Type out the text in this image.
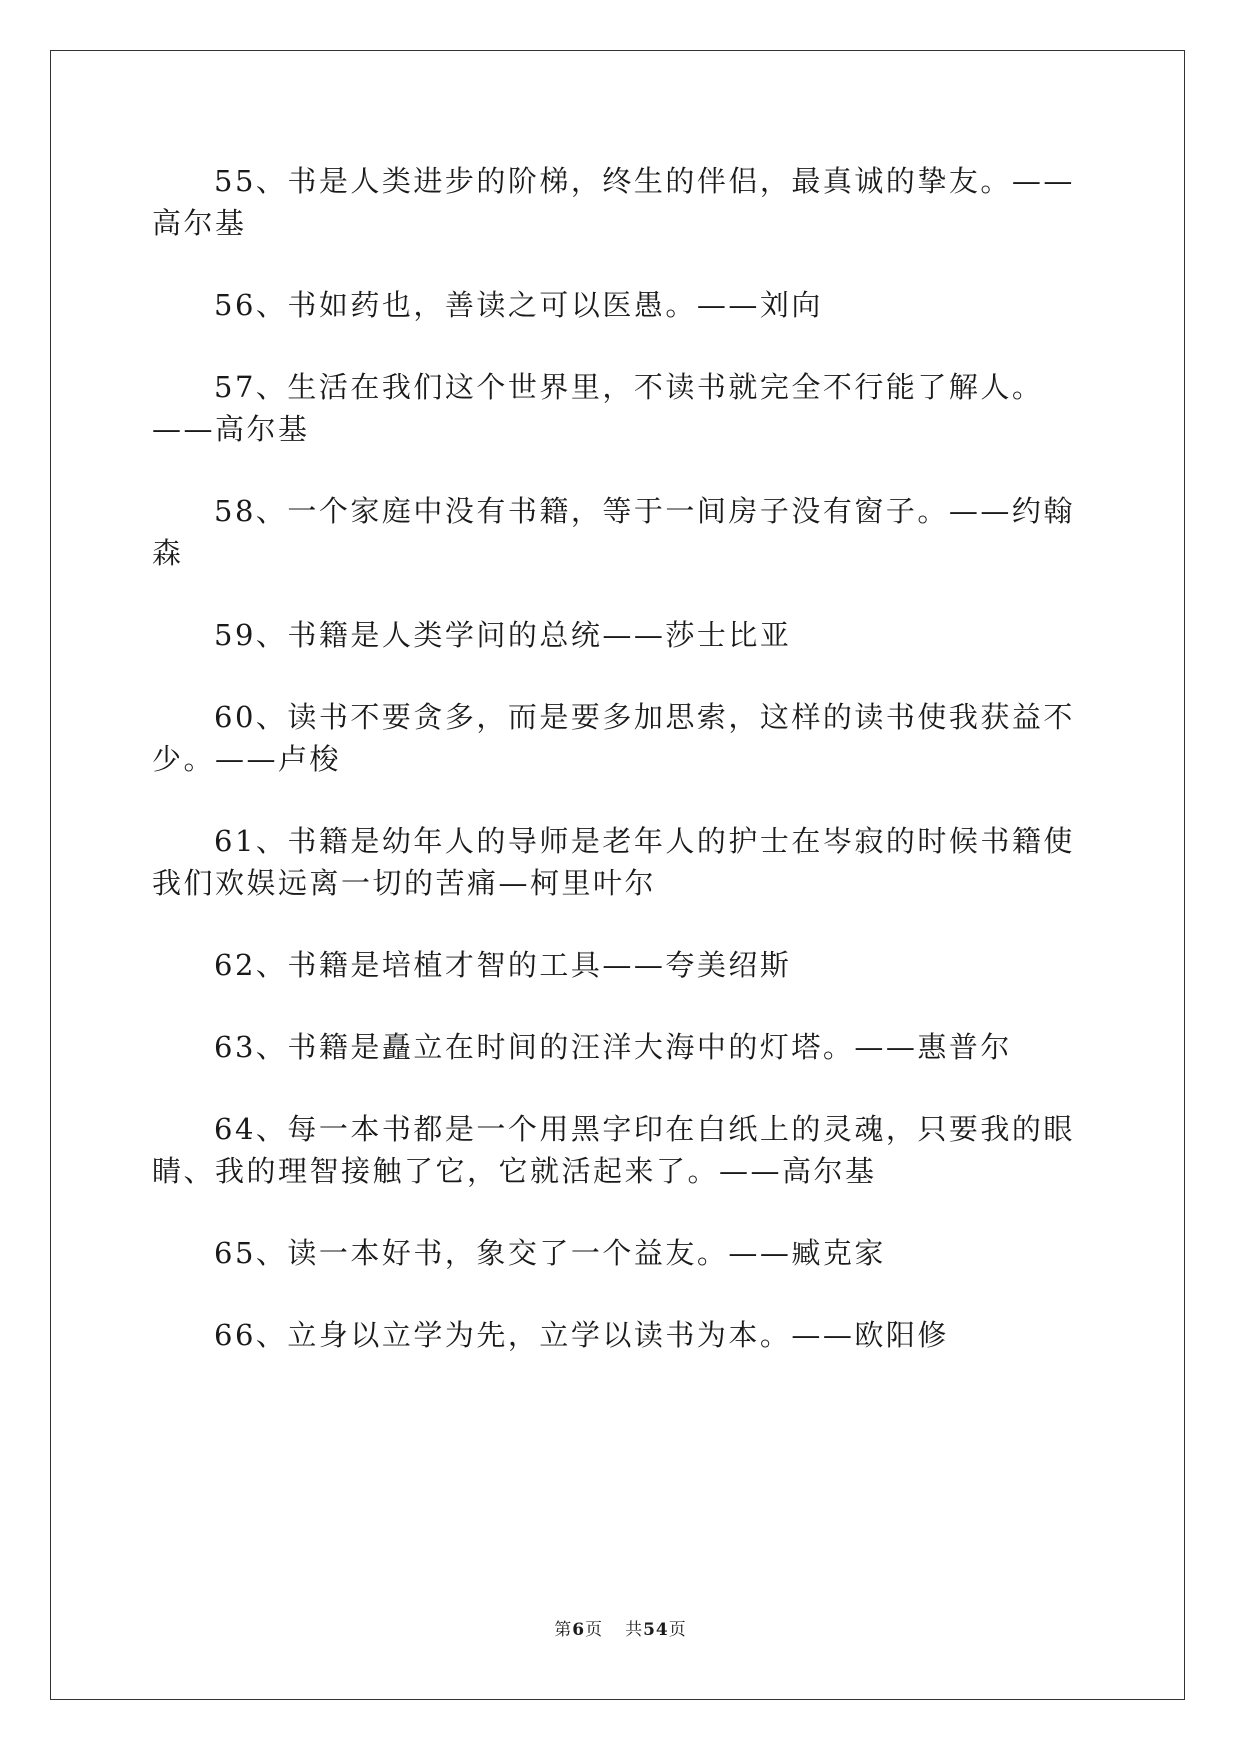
55、书是人类进步的阶梯，终生的伴侣，最真诚的挚友。——高尔基

56、书如药也，善读之可以医愚。——刘向

57、生活在我们这个世界里，不读书就完全不行能了解人。——高尔基

58、一个家庭中没有书籍，等于一间房子没有窗子。——约翰森

59、书籍是人类学问的总统——莎士比亚

60、读书不要贪多，而是要多加思索，这样的读书使我获益不少。——卢梭

61、书籍是幼年人的导师是老年人的护士在岑寂的时候书籍使我们欢娱远离一切的苦痛—柯里叶尔

62、书籍是培植才智的工具——夸美绍斯

63、书籍是矗立在时间的汪洋大海中的灯塔。——惠普尔

64、每一本书都是一个用黑字印在白纸上的灵魂，只要我的眼睛、我的理智接触了它，它就活起来了。——高尔基

65、读一本好书，象交了一个益友。——臧克家

66、立身以立学为先，立学以读书为本。——欧阳修

第6页 共54页
